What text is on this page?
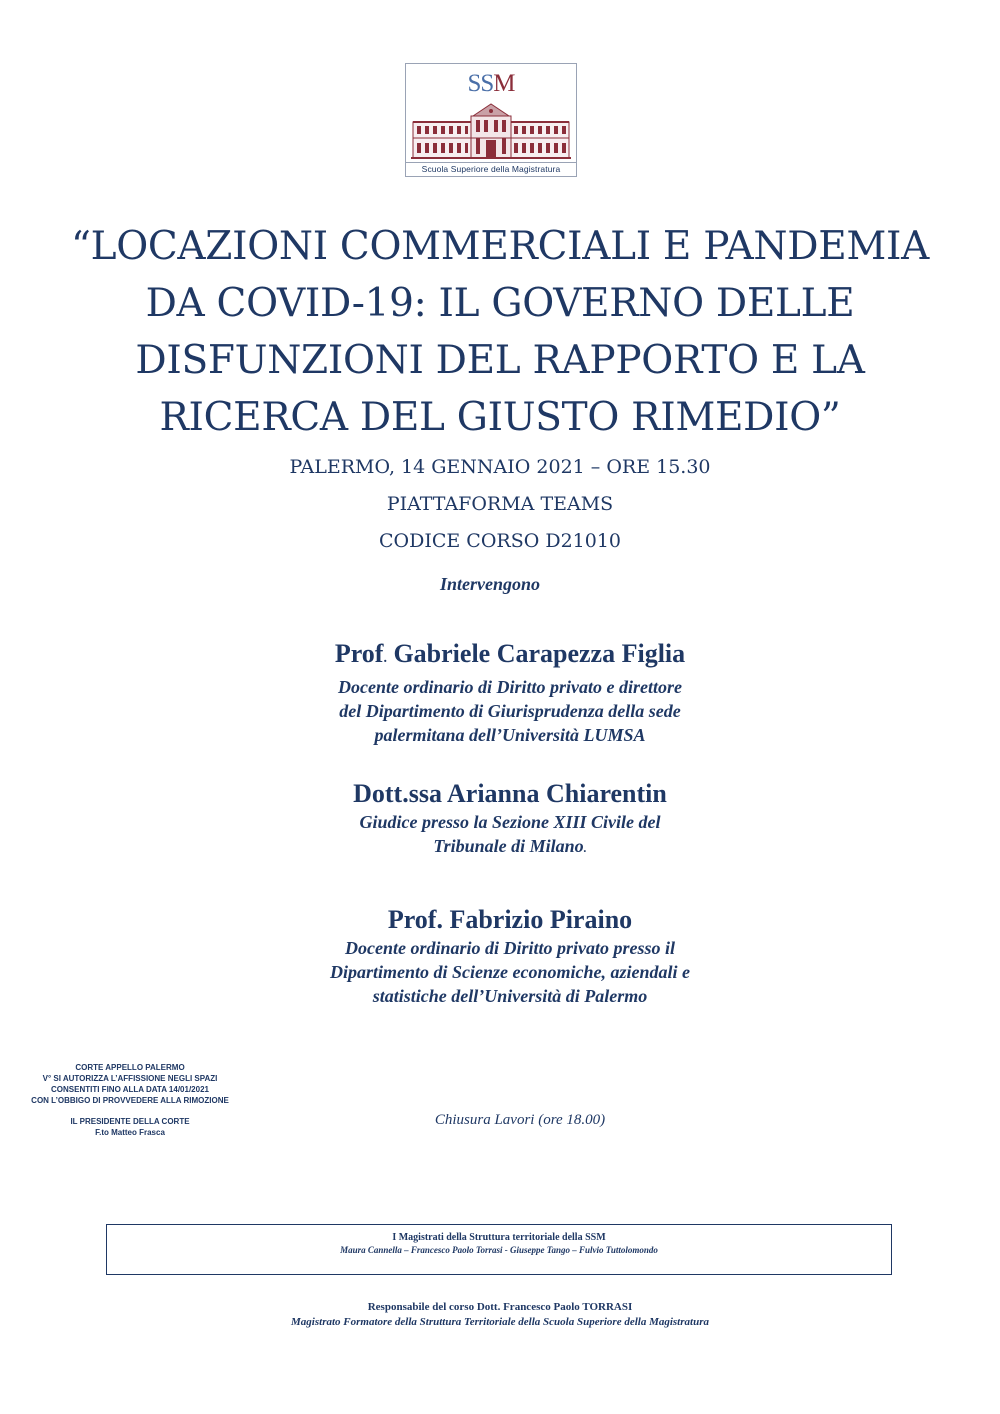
SSM
Scuola Superiore della Magistratura
“LOCAZIONI COMMERCIALI E PANDEMIA
DA COVID-19: IL GOVERNO DELLE
DISFUNZIONI DEL RAPPORTO E LA
RICERCA DEL GIUSTO RIMEDIO”
PALERMO, 14 GENNAIO 2021 – ORE 15.30
PIATTAFORMA TEAMS
CODICE CORSO D21010
Intervengono
Prof. Gabriele Carapezza Figlia
Docente ordinario di Diritto privato e direttore
del Dipartimento di Giurisprudenza della sede
palermitana dell’Università LUMSA
Dott.ssa Arianna Chiarentin
Giudice presso la Sezione XIII Civile del
Tribunale di Milano.
Prof. Fabrizio Piraino
Docente ordinario di Diritto privato presso il
Dipartimento di Scienze economiche, aziendali e
statistiche dell’Università di Palermo
CORTE APPELLO PALERMO
V° SI AUTORIZZA L’AFFISSIONE NEGLI SPAZI
CONSENTITI FINO ALLA DATA 14/01/2021
CON L’OBBIGO DI PROVVEDERE ALLA RIMOZIONE
IL PRESIDENTE DELLA CORTE
F.to Matteo Frasca
Chiusura Lavori (ore 18.00)
I Magistrati della Struttura territoriale della SSM
Maura Cannella – Francesco Paolo Torrasi - Giuseppe Tango – Fulvio Tuttolomondo
Responsabile del corso Dott. Francesco Paolo TORRASI
Magistrato Formatore della Struttura Territoriale della Scuola Superiore della Magistratura
